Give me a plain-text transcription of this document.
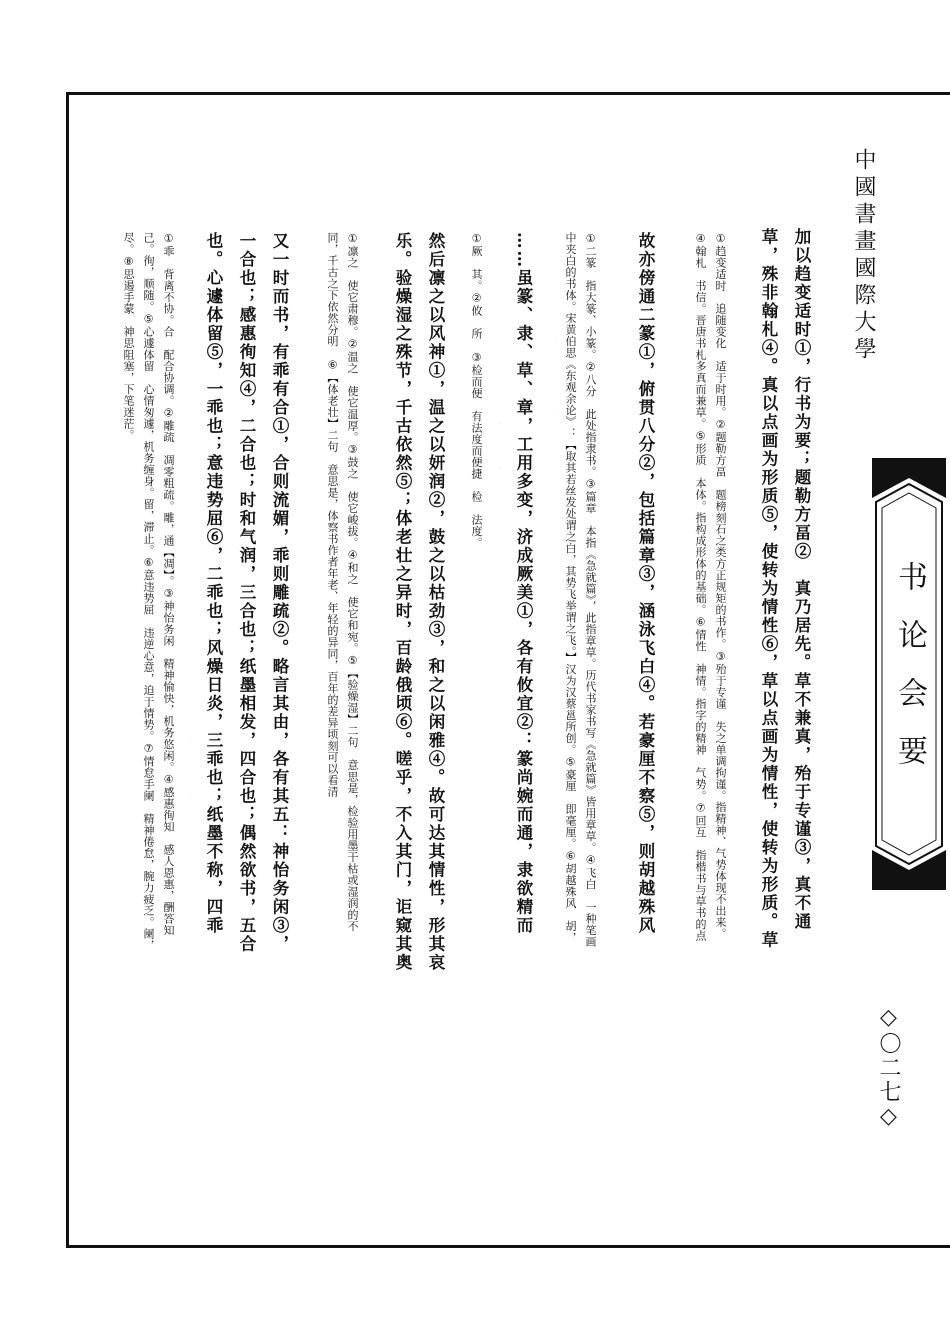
中國書畫國際大學
书论会要
◇〇二七◇
加以趋变适时①，行书为要；题勒方畐②　真乃居先。草不兼真，殆于专谨③，真不通草，殊非翰札④。真以点画为形质⑤，使转为情性⑥，草以点画为情性，使转为形质。草
①趋变适时　追随变化　适于时用。②题勒方畐　题榜刻石之类方正规矩的书作。③殆于专谨　失之单调拘谨。指精神、气势体现不出来。④翰札　书信。晋唐书札多真而兼草。⑤形质　本体。指构成形体的基础。⑥情性　神情。指字的精神　气势。⑦回互　指楷书与草书的点
故亦傍通二篆①，俯贯八分②，包括篇章③，涵泳飞白④。若豪厘不察⑤，则胡越殊风
①二篆　指大篆、小篆。②八分　此处指隶书。③篇章　本指《急就篇》，此指章草。历代书家书写《急就篇》皆用章草。④飞白　一种笔画中夹白的书体。宋黄伯思《东观余论》：【取其若丝发处谓之白，其势飞举谓之飞。】汉为汉蔡邕所创。⑤豪厘　即毫厘。⑥胡越殊风　胡，
……虽篆、隶、草、章，工用多变，济成厥美①，各有攸宜②：篆尚婉而通，隶欲精而
①厥　其。②攸　所　③检而便　有法度而便捷　检　法度。
然后凛之以风神①，温之以妍润②，鼓之以枯劲③，和之以闲雅④。故可达其情性，形其哀乐。验燥湿之殊节，千古依然⑤；体老壮之异时，百龄俄顷⑥。嗟乎，不入其门，讵窥其奥
①凛之　使它肃穆。②温之　使它温厚。③鼓之　使它峻拔。④和之　使它和宛。⑤【验燥湿】二句　意思是，检验用墨干枯或湿润的不同，千古之下依然分明　⑥【体老壮】二句　意思是，体察书作者年老、年轻的异同，百年的差异顷刻可以看清
又一时而书，有乖有合①，合则流媚，乖则雕疏②。略言其由，各有其五：神怡务闲③，一合也；感惠徇知④，二合也；时和气润，三合也；纸墨相发，四合也；偶然欲书，五合也。心遽体留⑤，一乖也；意违势屈⑥，二乖也；风燥日炎，三乖也；纸墨不称，四乖
①乖　背离不协。合　配合协调。②雕疏　凋零粗疏。雕，通【凋】。③神怡务闲　精神愉快，机务悠闲。④感惠徇知　感人恩惠，酬答知己。徇，顺随。⑤心遽体留　心情匆遽，机务缠身。留，滞止。⑥意违势屈　违逆心意，迫于情势。⑦情怠手阑　精神倦怠，腕力疲乏。阑，尽。⑧思遏手蒙　神思阻塞，下笔迷茫。
